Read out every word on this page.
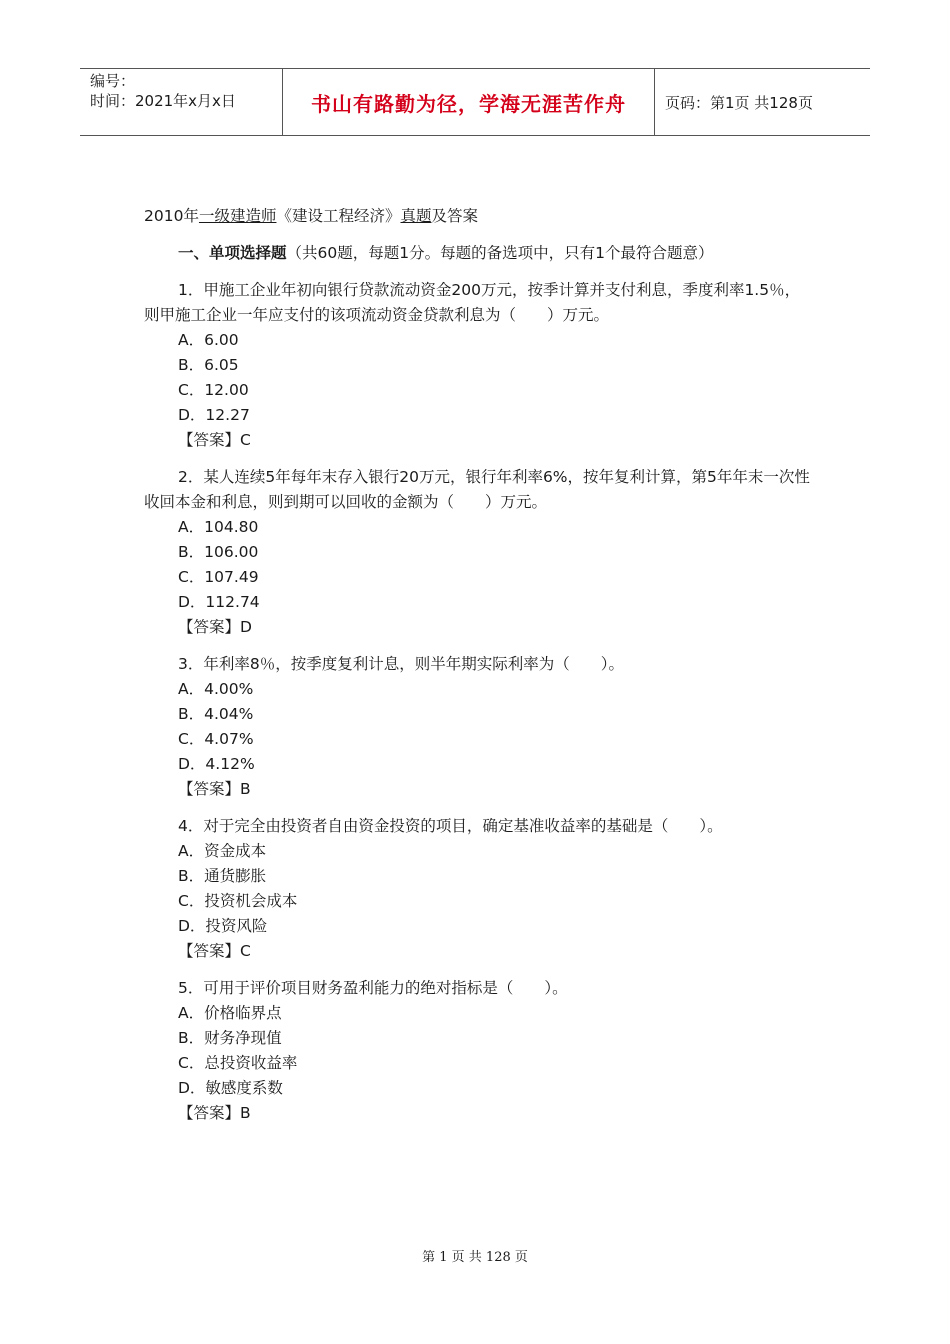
编号：
时间：2021年x月x日	书山有路勤为径，学海无涯苦作舟	页码：第1页 共128页
2010年一级建造师《建设工程经济》真题及答案
一、单项选择题（共60题，每题1分。每题的备选项中，只有1个最符合题意）
1．甲施工企业年初向银行贷款流动资金200万元，按季计算并支付利息，季度利率1.5％，则甲施工企业一年应支付的该项流动资金贷款利息为（　　）万元。
A．6.00
B．6.05
C．12.00
D．12.27
【答案】C
2．某人连续5年每年末存入银行20万元，银行年利率6%，按年复利计算，第5年年末一次性收回本金和利息，则到期可以回收的金额为（　　）万元。
A．104.80
B．106.00
C．107.49
D．112.74
【答案】D
3．年利率8％，按季度复利计息，则半年期实际利率为（　　）。
A．4.00%
B．4.04%
C．4.07%
D．4.12%
【答案】B
4．对于完全由投资者自由资金投资的项目，确定基准收益率的基础是（　　）。
A．资金成本
B．通货膨胀
C．投资机会成本
D．投资风险
【答案】C
5．可用于评价项目财务盈利能力的绝对指标是（　　）。
A．价格临界点
B．财务净现值
C．总投资收益率
D．敏感度系数
【答案】B
第 1 页 共 128 页
